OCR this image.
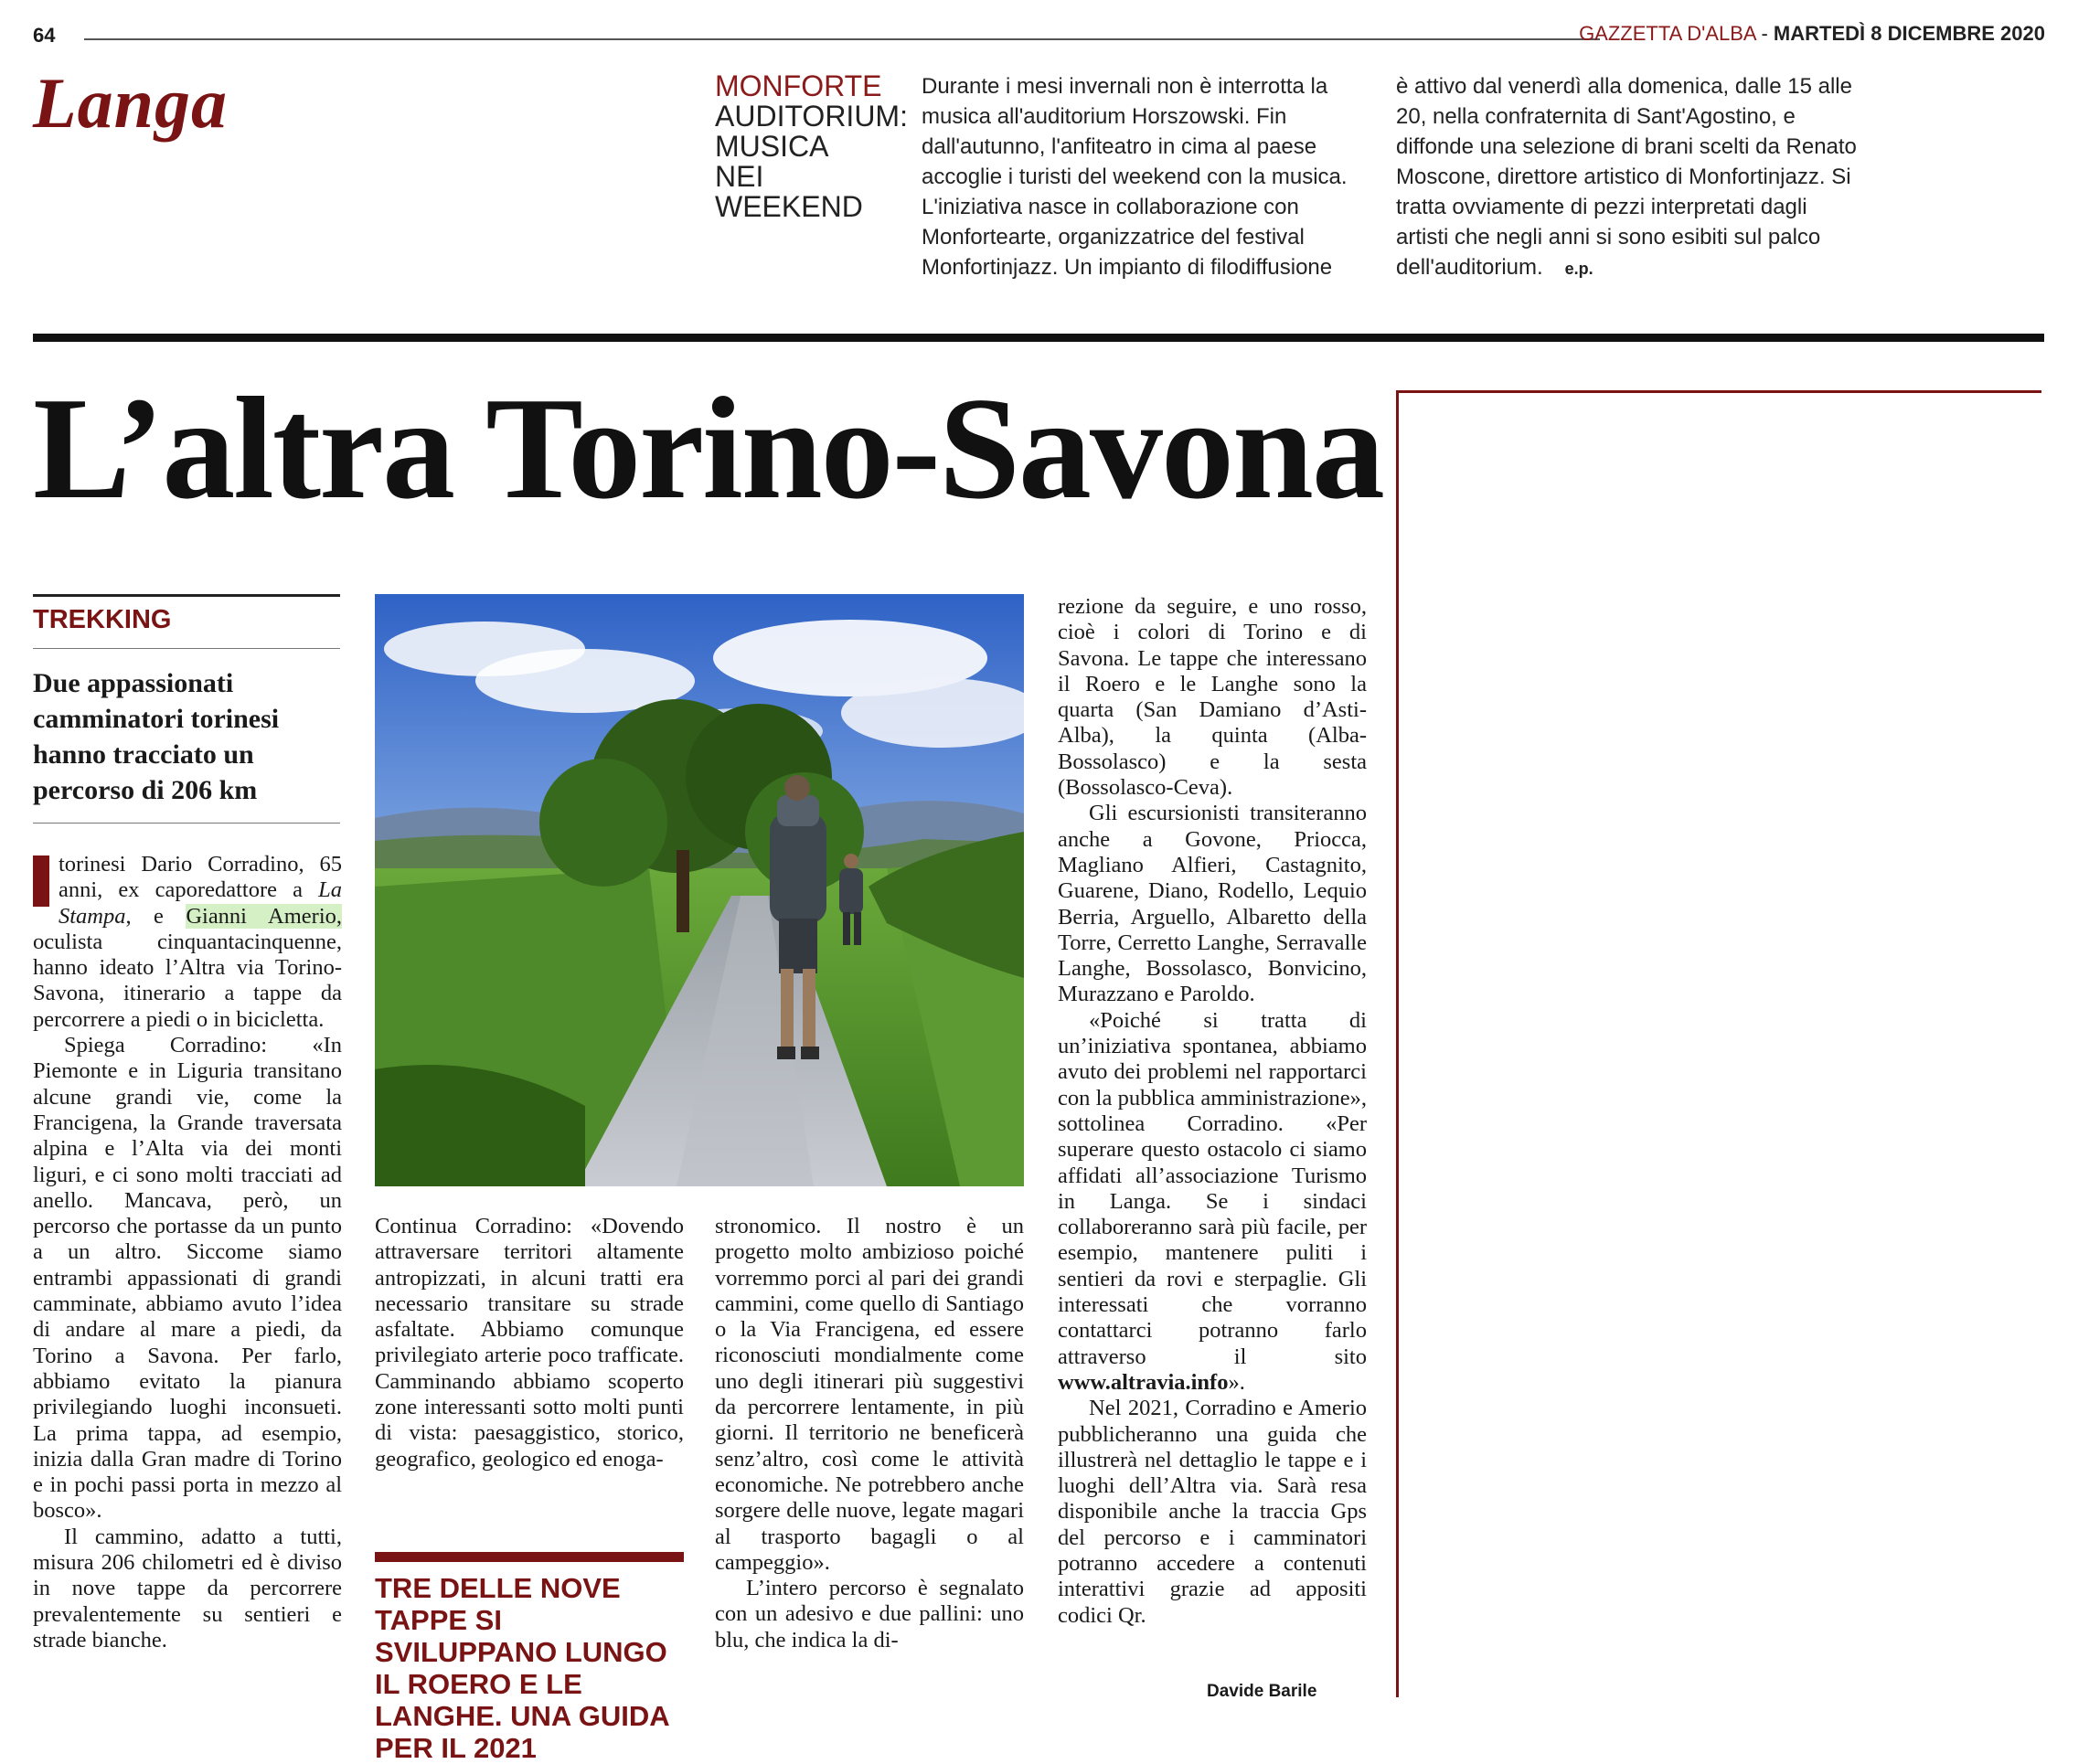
64	GAZZETTA D'ALBA - MARTEDÌ 8 DICEMBRE 2020
Langa	MONFORTE
AUDITORIUM: MUSICA NEI WEEKEND
Durante i mesi invernali non è interrotta la musica all'auditorium Horszowski. Fin dall'autunno, l'anfiteatro in cima al paese accoglie i turisti del weekend con la musica. L'iniziativa nasce in collaborazione con Monfortearte, organizzatrice del festival Monfortinjazz. Un impianto di filodiffusione
è attivo dal venerdì alla domenica, dalle 15 alle 20, nella confraternita di Sant'Agostino, e diffonde una selezione di brani scelti da Renato Moscone, direttore artistico di Monfortinjazz. Si tratta ovviamente di pezzi interpretati dagli artisti che negli anni si sono esibiti sul palco dell'auditorium. e.p.
L’altra Torino-Savona
TREKKING
Due appassionati camminatori torinesi hanno tracciato un percorso di 206 km

torinesi Dario Corradino, 65 anni, ex caporedattore a La Stampa, e Gianni Amerio, oculista cinquantacinquenne, hanno ideato l’Altra via Torino-Savona, itinerario a tappe da percorrere a piedi o in bicicletta.

Spiega Corradino: «In Piemonte e in Liguria transitano alcune grandi vie, come la Francigena, la Grande traversata alpina e l’Alta via dei monti liguri, e ci sono molti tracciati ad anello. Mancava, però, un percorso che portasse da un punto a un altro. Siccome siamo entrambi appassionati di grandi camminate, abbiamo avuto l’idea di andare al mare a piedi, da Torino a Savona. Per farlo, abbiamo evitato la pianura privilegiando luoghi inconsueti. La prima tappa, ad esempio, inizia dalla Gran madre di Torino e in pochi passi porta in mezzo al bosco».

Il cammino, adatto a tutti, misura 206 chilometri ed è diviso in nove tappe da percorrere prevalentemente su sentieri e strade bianche.

Continua Corradino: «Dovendo attraversare territori altamente antropizzati, in alcuni tratti era necessario transitare su strade asfaltate. Abbiamo comunque privilegiato arterie poco trafficate. Camminando abbiamo scoperto zone interessanti sotto molti punti di vista: paesaggistico, storico, geografico, geologico ed enoga-

TRE DELLE NOVE TAPPE SI SVILUPPANO LUNGO IL ROERO E LE LANGHE. UNA GUIDA PER IL 2021

stronomico. Il nostro è un progetto molto ambizioso poiché vorremmo porci al pari dei grandi cammini, come quello di Santiago o la Via Francigena, ed essere riconosciuti mondialmente come uno degli itinerari più suggestivi da percorrere lentamente, in più giorni. Il territorio ne beneficerà senz’altro, così come le attività economiche. Ne potrebbero anche sorgere delle nuove, legate magari al trasporto bagagli o al campeggio».

L’intero percorso è segnalato con un adesivo e due pallini: uno blu, che indica la di-

rezione da seguire, e uno rosso, cioè i colori di Torino e di Savona. Le tappe che interessano il Roero e le Langhe sono la quarta (San Damiano d’Asti-Alba), la quinta (Alba-Bossolasco) e la sesta (Bossolasco-Ceva).

Gli escursionisti transiteranno anche a Govone, Priocca, Magliano Alfieri, Castagnito, Guarene, Diano, Rodello, Lequio Berria, Arguello, Albaretto della Torre, Cerretto Langhe, Serravalle Langhe, Bossolasco, Bonvicino, Murazzano e Paroldo.

«Poiché si tratta di un’iniziativa spontanea, abbiamo avuto dei problemi nel rapportarci con la pubblica amministrazione», sottolinea Corradino. «Per superare questo ostacolo ci siamo affidati all’associazione Turismo in Langa. Se i sindaci collaboreranno sarà più facile, per esempio, mantenere puliti i sentieri da rovi e sterpaglie. Gli interessati che vorranno contattarci potranno farlo attraverso il sito www.altravia.info».

Nel 2021, Corradino e Amerio pubblicheranno una guida che illustrerà nel dettaglio le tappe e i luoghi dell’Altra via. Sarà resa disponibile anche la traccia Gps del percorso e i camminatori potranno accedere a contenuti interattivi grazie ad appositi codici Qr.

Davide Barile
